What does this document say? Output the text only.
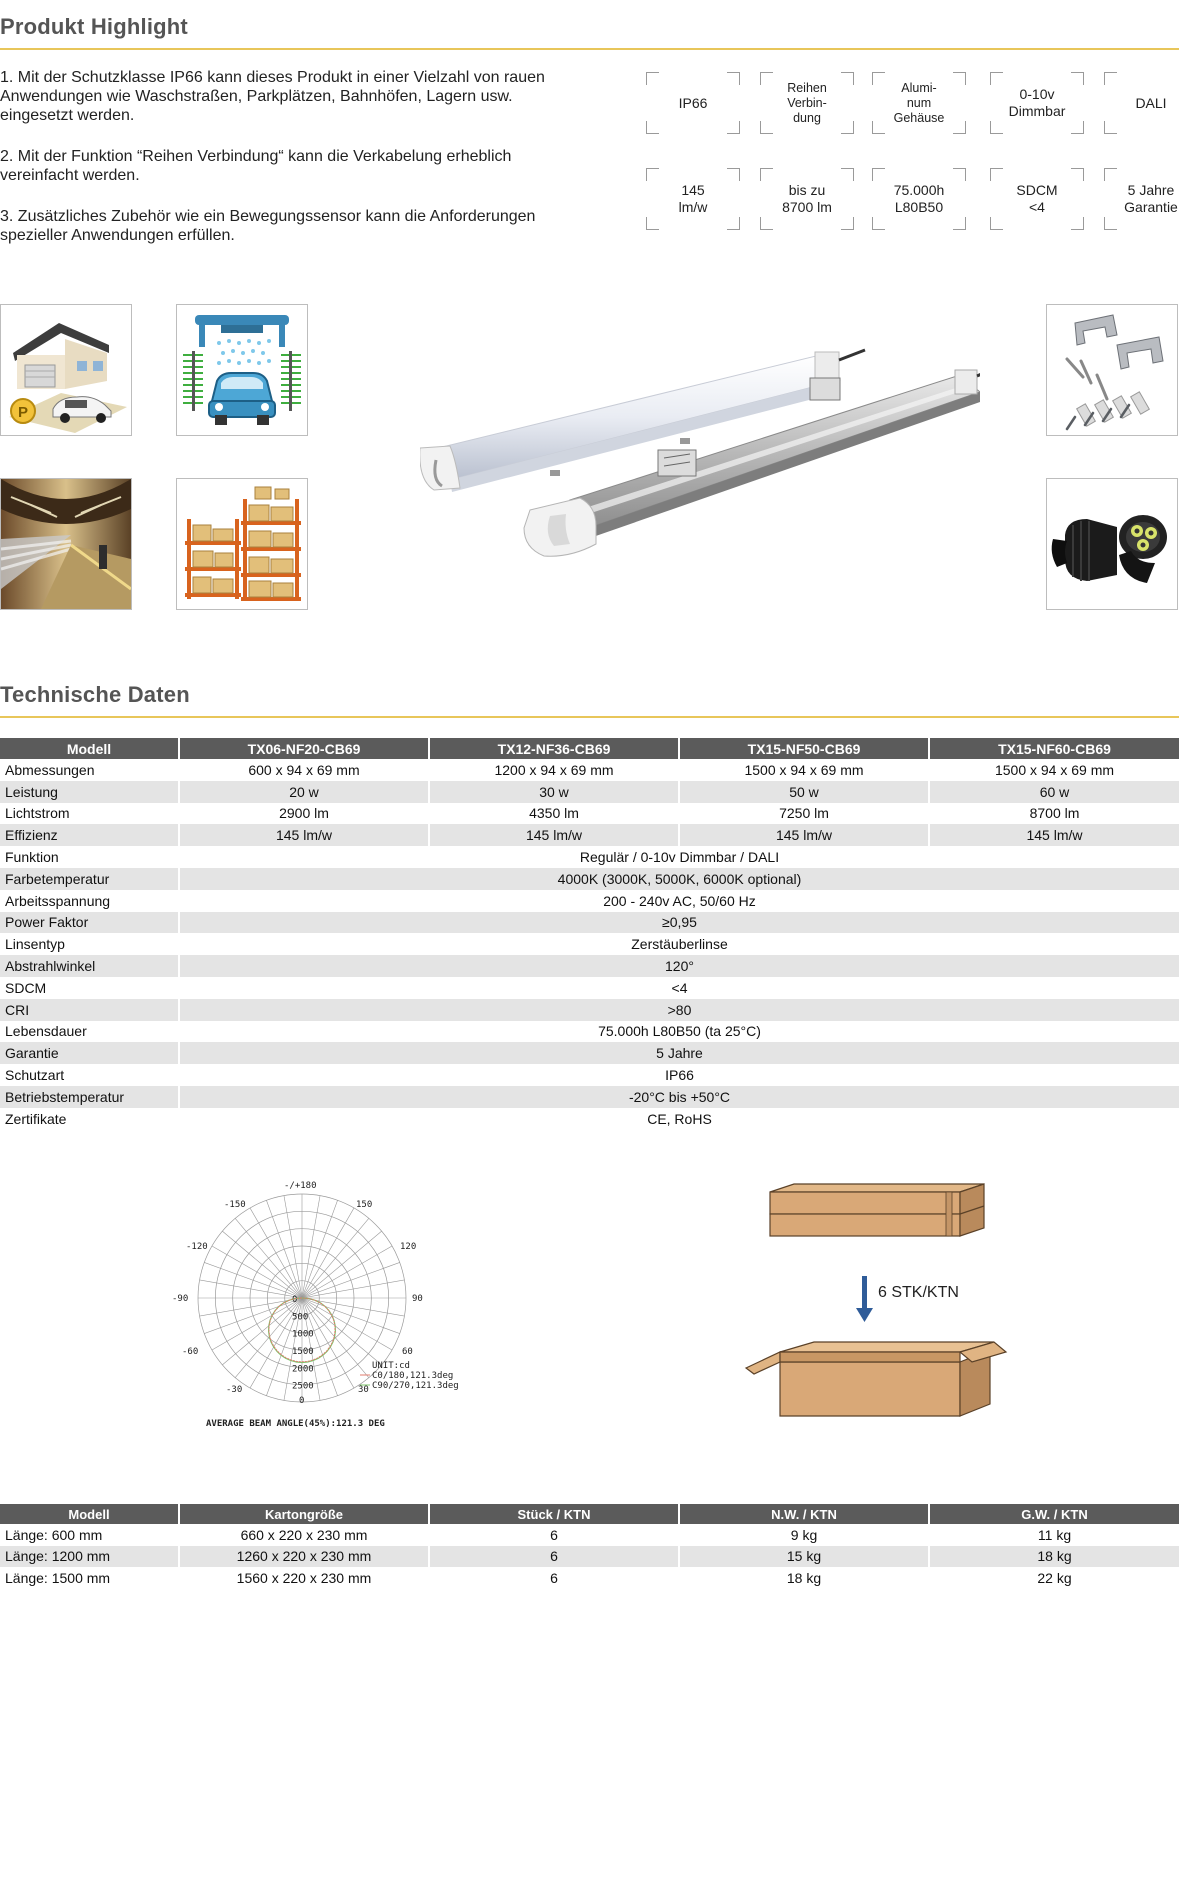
Produkt Highlight

1. Mit der Schutzklasse IP66 kann dieses Produkt in einer Vielzahl von rauen Anwendungen wie Waschstraßen, Parkplätzen, Bahnhöfen, Lagern usw. eingesetzt werden.

2. Mit der Funktion “Reihen Verbindung“ kann die Verkabelung erheblich vereinfacht werden.

3. Zusätzliches Zubehör wie ein Bewegungssensor kann die Anforderungen spezieller Anwendungen erfüllen.

IP66
Reihen
Verbin-
dung
Alumi-
num
Gehäuse
0-10v
Dimmbar
DALI
145
lm/w
bis zu
8700 lm
75.000h
L80B50
SDCM
<4
5 Jahre
Garantie
P
Technische Daten
Modell	TX06-NF20-CB69	TX12-NF36-CB69	TX15-NF50-CB69	TX15-NF60-CB69
Abmessungen	600 x 94 x 69 mm	1200 x 94 x 69 mm	1500 x 94 x 69 mm	1500 x 94 x 69 mm
Leistung	20 w	30 w	50 w	60 w
Lichtstrom	2900 lm	4350 lm	7250 lm	8700 lm
Effizienz	145 lm/w	145 lm/w	145 lm/w	145 lm/w
Funktion	Regulär / 0-10v Dimmbar / DALI			
Farbetemperatur	4000K (3000K, 5000K, 6000K optional)			
Arbeitsspannung	200 - 240v AC, 50/60 Hz			
Power Faktor	≥0,95			
Linsentyp	Zerstäuberlinse			
Abstrahlwinkel	120°			
SDCM	<4			
CRI	>80			
Lebensdauer	75.000h L80B50 (ta 25°C)			
Garantie	5 Jahre			
Schutzart	IP66			
Betriebstemperatur	-20°C bis +50°C			
Zertifikate	CE, RoHS			
-/+180
-150	150
-120	120
-90	90
-60	60
-30	30
0
0
500
1000
1500
2000
2500
UNIT:cd
C0/180,121.3deg
C90/270,121.3deg
AVERAGE BEAM ANGLE(45%):121.3 DEG
6 STK/KTN
Modell	Kartongröße	Stück / KTN	N.W. / KTN	G.W. / KTN
Länge: 600 mm	660 x 220 x 230 mm	6	9 kg	11 kg
Länge: 1200 mm	1260 x 220 x 230 mm	6	15 kg	18 kg
Länge: 1500 mm	1560 x 220 x 230 mm	6	18 kg	22 kg
